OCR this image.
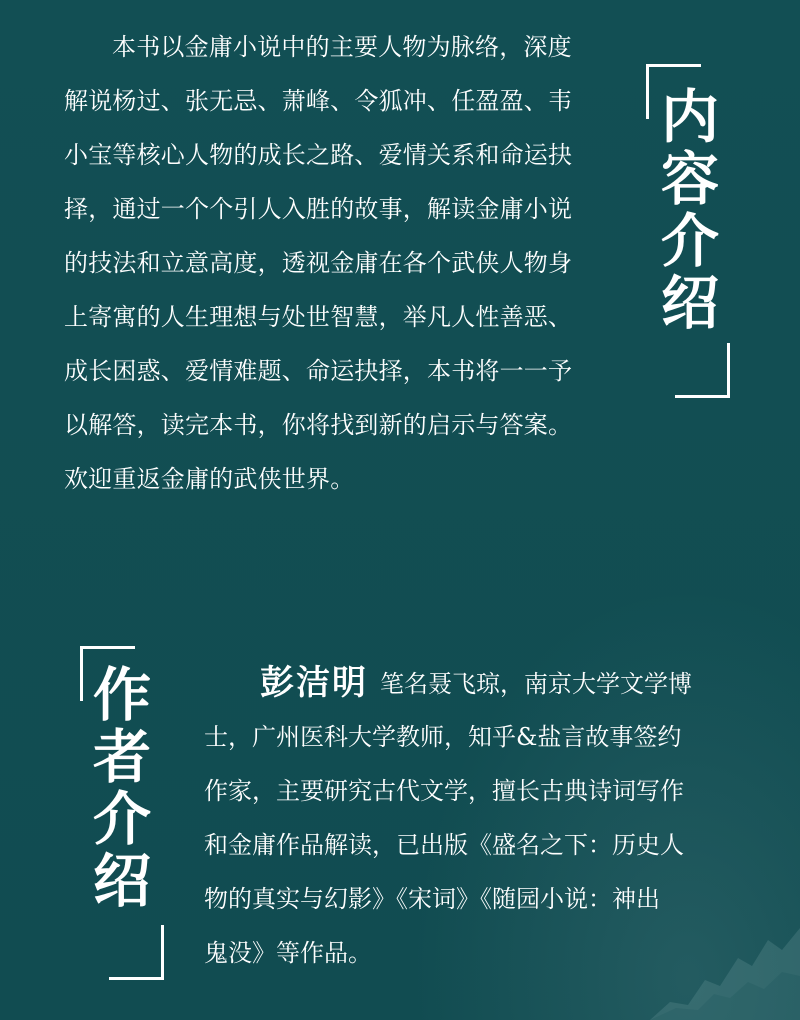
本书以金庸小说中的主要人物为脉络，深度
解说杨过、张无忌、萧峰、令狐冲、任盈盈、韦
小宝等核心人物的成长之路、爱情关系和命运抉
择，通过一个个引人入胜的故事，解读金庸小说
的技法和立意高度，透视金庸在各个武侠人物身
上寄寓的人生理想与处世智慧，举凡人性善恶、
成长困惑、爱情难题、命运抉择，本书将一一予
以解答，读完本书，你将找到新的启示与答案。
欢迎重返金庸的武侠世界。
内
容
介
绍
作
者
介
绍
彭洁明 笔名聂飞琼，南京大学文学博
士，广州医科大学教师，知乎&盐言故事签约
作家，主要研究古代文学，擅长古典诗词写作
和金庸作品解读，已出版《盛名之下：历史人
物的真实与幻影》《宋词》《随园小说：神出
鬼没》等作品。
